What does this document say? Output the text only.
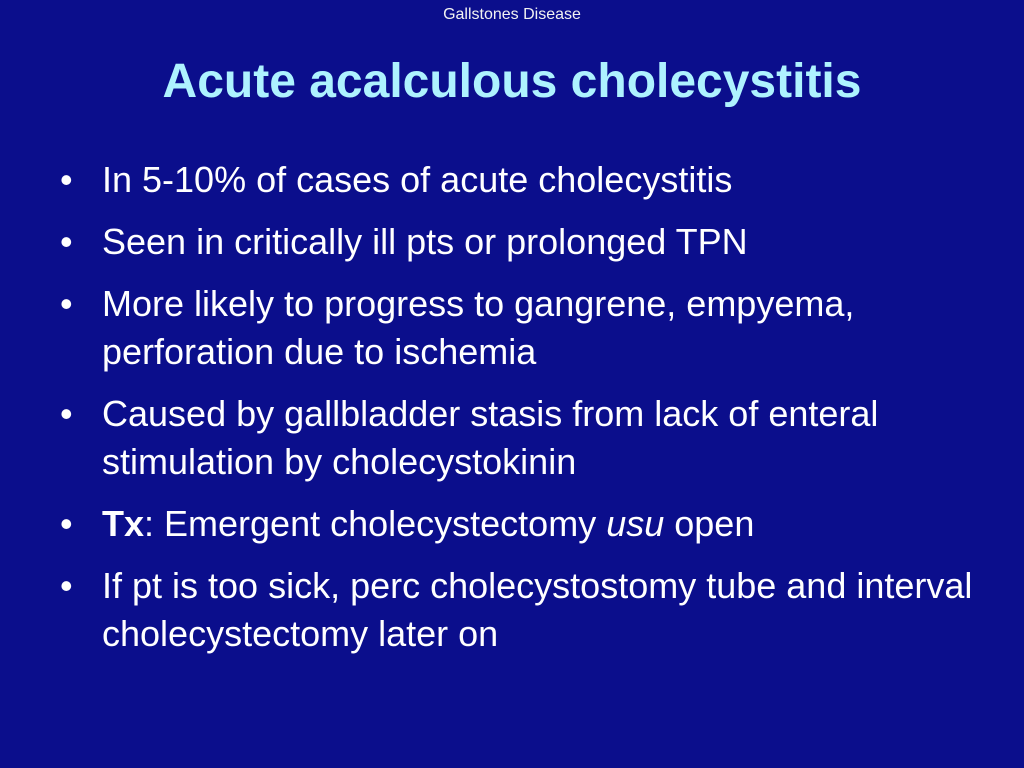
Gallstones Disease
Acute acalculous cholecystitis
• In 5-10% of cases of acute cholecystitis
• Seen in critically ill pts or prolonged TPN
• More likely to progress to gangrene, empyema, perforation due to ischemia
• Caused by gallbladder stasis from lack of enteral stimulation by cholecystokinin
• Tx: Emergent cholecystectomy usu open
• If pt is too sick, perc cholecystostomy tube and interval cholecystectomy later on
